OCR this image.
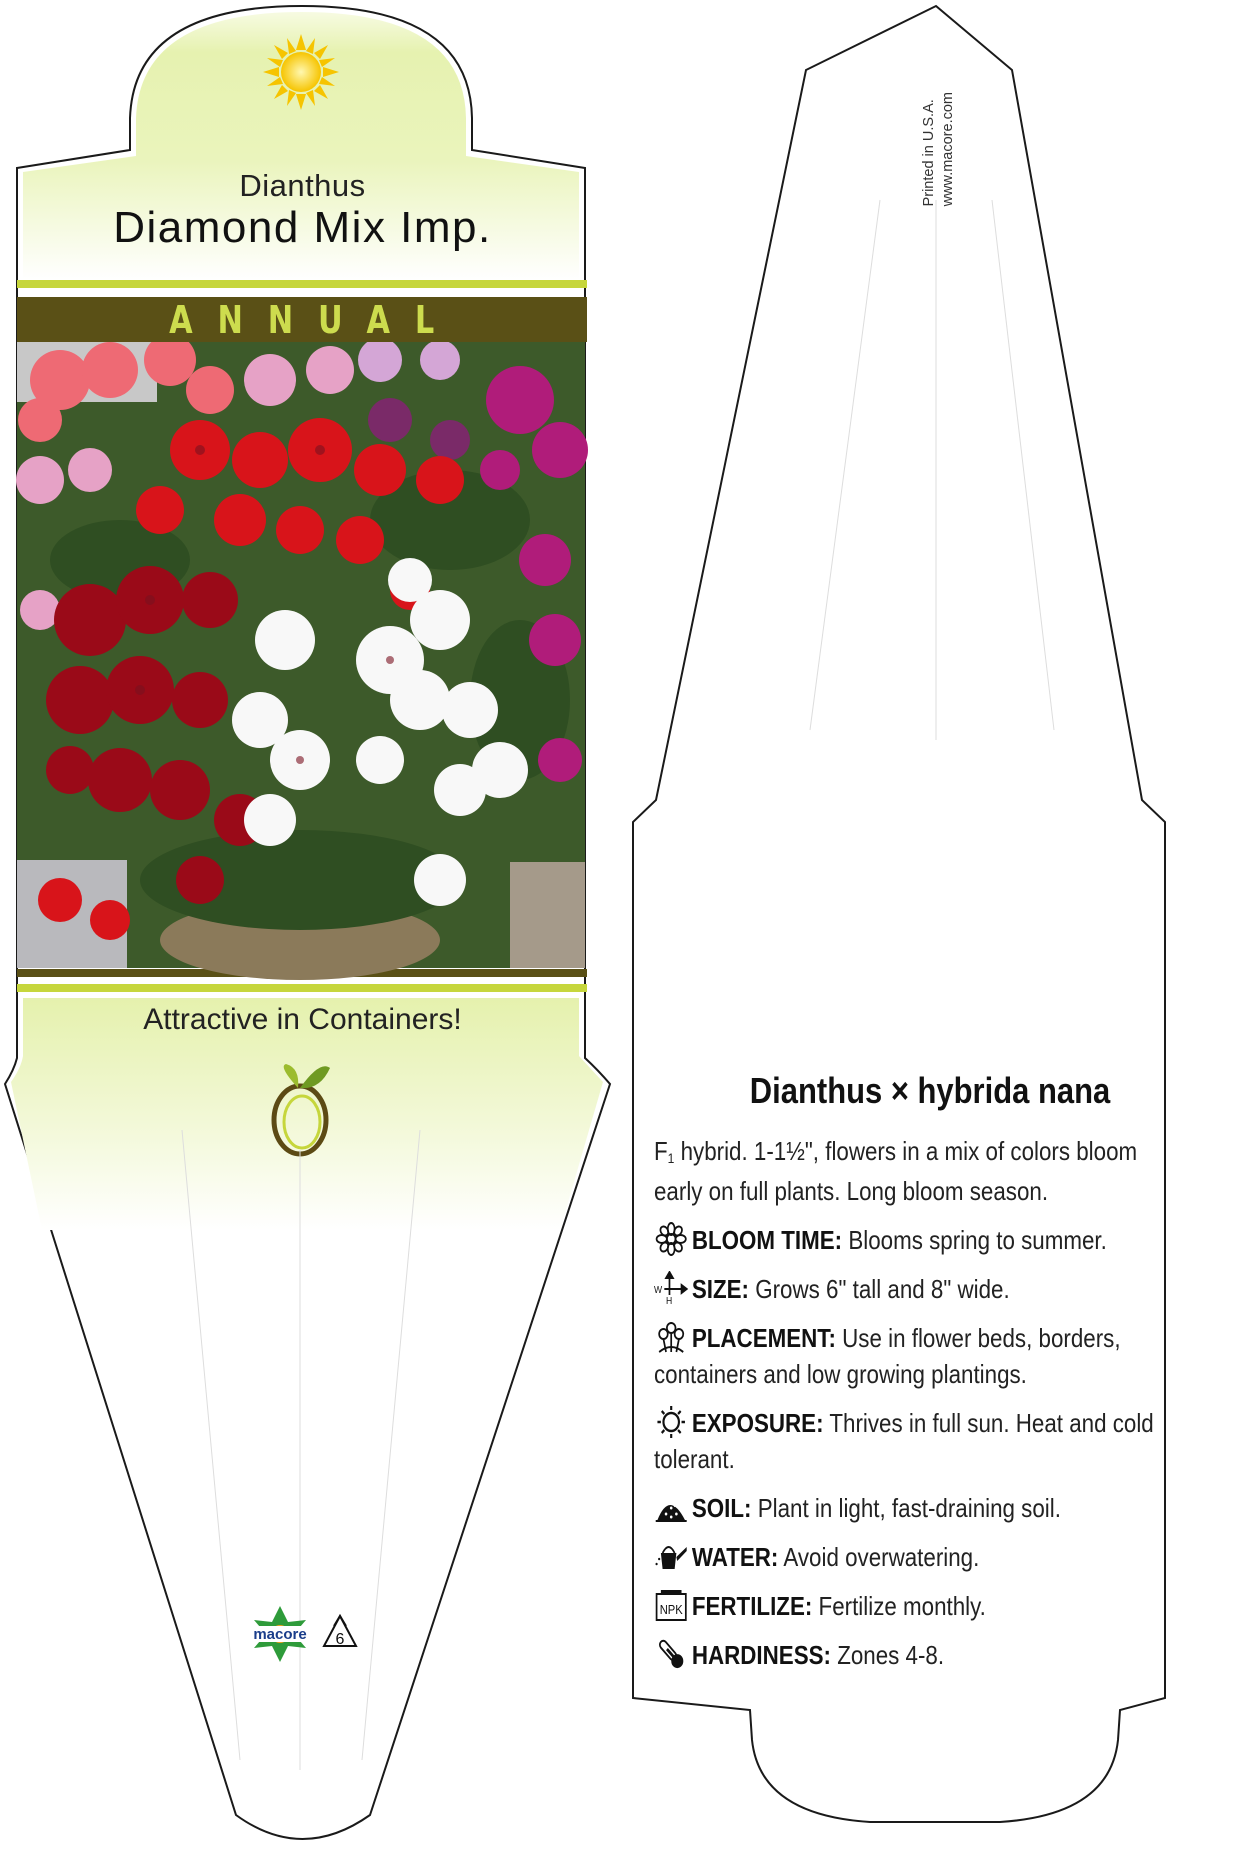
macore 6
Dianthus
Diamond Mix Imp.
ANNUAL
Attractive in Containers!
Printed in U.S.A. www.macore.com
Dianthus × hybrida nana

F1 hybrid. 1-1½", flowers in a mix of colors bloom early on full plants. Long bloom season.

BLOOM TIME: Blooms spring to summer.
W
H SIZE: Grows 6" tall and 8" wide.
PLACEMENT: Use in flower beds, borders, containers and low growing plantings.
EXPOSURE: Thrives in full sun. Heat and cold tolerant.
SOIL: Plant in light, fast-draining soil.
WATER: Avoid overwatering.
NPK FERTILIZE: Fertilize monthly.
HARDINESS: Zones 4-8.
